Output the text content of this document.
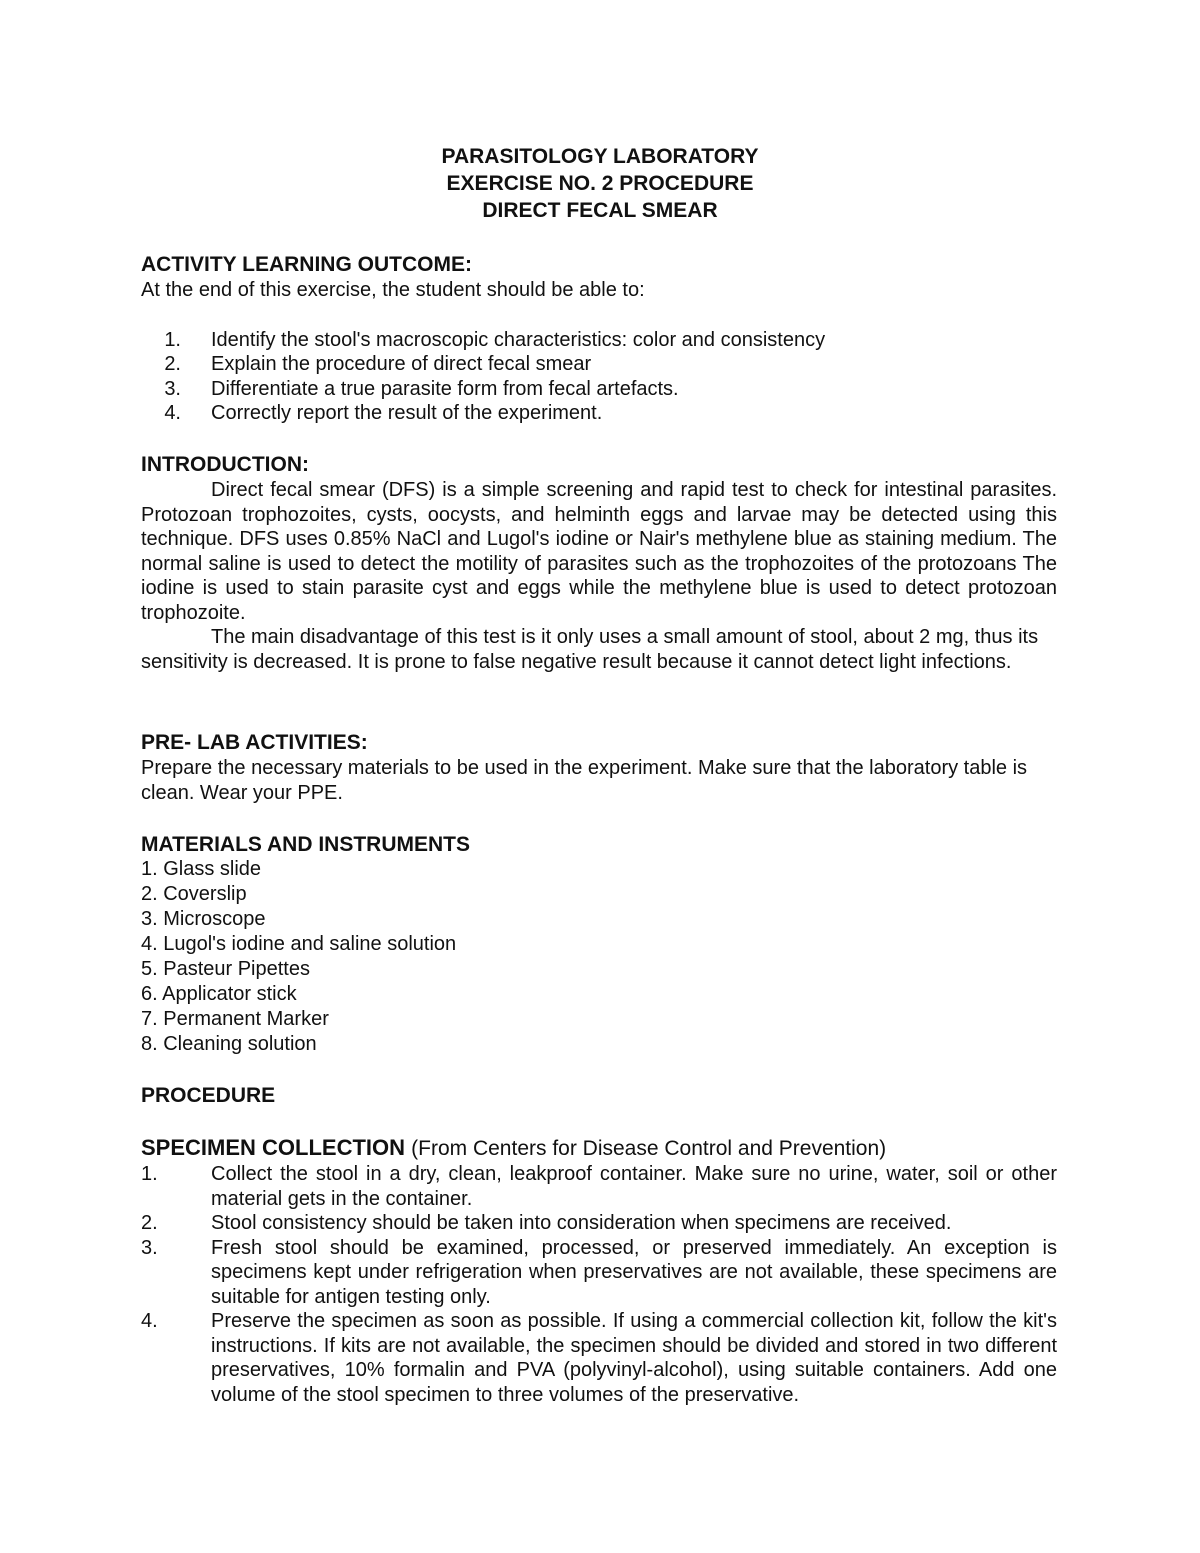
PARASITOLOGY LABORATORY
EXERCISE NO. 2 PROCEDURE
DIRECT FECAL SMEAR
ACTIVITY LEARNING OUTCOME:
At the end of this exercise, the student should be able to:
1. Identify the stool's macroscopic characteristics: color and consistency
2. Explain the procedure of direct fecal smear
3. Differentiate a true parasite form from fecal artefacts.
4. Correctly report the result of the experiment.
INTRODUCTION:
Direct fecal smear (DFS) is a simple screening and rapid test to check for intestinal parasites. Protozoan trophozoites, cysts, oocysts, and helminth eggs and larvae may be detected using this technique. DFS uses 0.85% NaCl and Lugol's iodine or Nair's methylene blue as staining medium. The normal saline is used to detect the motility of parasites such as the trophozoites of the protozoans The iodine is used to stain parasite cyst and eggs while the methylene blue is used to detect protozoan trophozoite.
The main disadvantage of this test is it only uses a small amount of stool, about 2 mg, thus its sensitivity is decreased. It is prone to false negative result because it cannot detect light infections.
PRE- LAB ACTIVITIES:
Prepare the necessary materials to be used in the experiment. Make sure that the laboratory table is clean. Wear your PPE.
MATERIALS AND INSTRUMENTS
1. Glass slide
2. Coverslip
3. Microscope
4. Lugol's iodine and saline solution
5. Pasteur Pipettes
6. Applicator stick
7. Permanent Marker
8. Cleaning solution
PROCEDURE
SPECIMEN COLLECTION (From Centers for Disease Control and Prevention)
1.	Collect the stool in a dry, clean, leakproof container. Make sure no urine, water, soil or other material gets in the container.
2.	Stool consistency should be taken into consideration when specimens are received.
3.	Fresh stool should be examined, processed, or preserved immediately. An exception is specimens kept under refrigeration when preservatives are not available, these specimens are suitable for antigen testing only.
4.	Preserve the specimen as soon as possible. If using a commercial collection kit, follow the kit's instructions. If kits are not available, the specimen should be divided and stored in two different preservatives, 10% formalin and PVA (polyvinyl-alcohol), using suitable containers. Add one volume of the stool specimen to three volumes of the preservative.
